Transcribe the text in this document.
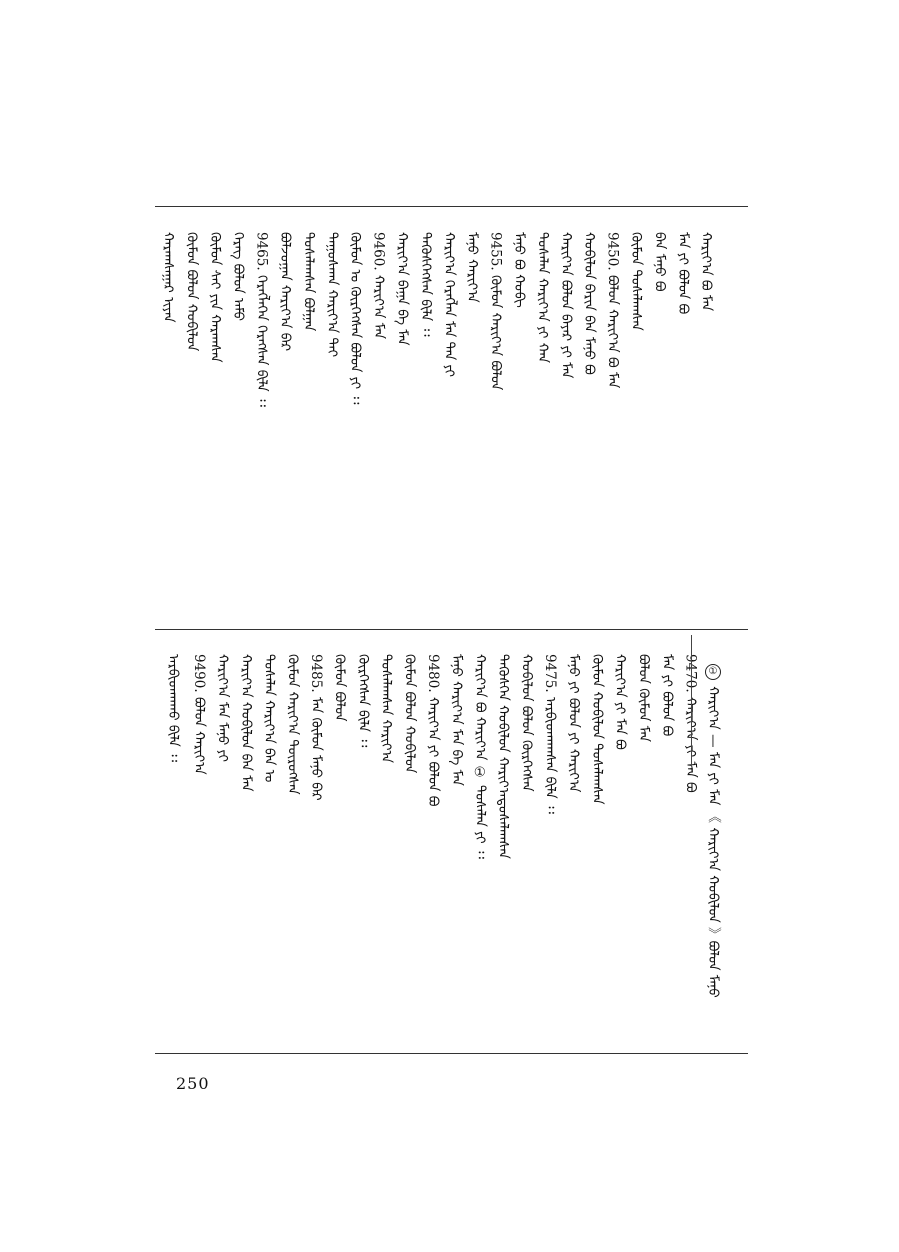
ᠬᠠᠷᠠᠭᠰᠠᠭᠠᠷ ᠢᠶᠡᠨ ᠬᠦᠮᠦᠨ ᠪᠣᠯᠤᠨ ᠬᠤᠪᠢᠯᠤᠨ ᠬᠦᠮᠦᠨ ᠰᠠᠢ ᠶᠢᠨ ᠬᠠᠷᠠᠭᠰᠠᠨ ᠬᠡᠷᠡᠭ ᠪᠣᠯᠤᠨ ᠠᠮᠤ 9465. ᠬᠡᠷᠡᠭᠯᠡᠭᠡᠨ ᠬᠡᠷᠡᠭᠰᠡᠨ ᠪᠢᠯᠡ ᠄᠄ ᠪᠣᠯᠵᠣᠭᠠᠨ ᠬᠠᠷᠢᠶ᠎ᠠ ᠪᠠᠷ ᠲᠤᠰᠠᠯᠠᠭᠰᠠᠨ ᠪᠣᠯᠭᠠᠨ ᠳᠠᠭᠤᠰᠬᠠᠨ ᠬᠠᠷᠢᠶ᠎ᠠ ᠲᠠᠢ ᠬᠦᠮᠦᠨ ᠤ ᠬᠦᠷᠬᠡᠭᠰᠡᠨ ᠪᠣᠯᠤᠨ ᠶᠢ ᠄᠄ 9460. ᠬᠠᠷᠢᠶ᠎ᠠ ᠮᠠᠨ ᠬᠠᠷᠢᠶ᠎ᠠ ᠪᠠᠭᠠ ᠪᠠ ᠮᠠᠨ ᠲᠡᠭᠦᠰᠭᠡᠭᠰᠡᠨ ᠪᠢᠯᠡ ᠄᠄ ᠬᠠᠷᠢᠶ᠎ᠠ ᠬᠡᠷᠡᠭᠯᠡᠨ ᠮᠠᠨ ᠲᠠᠨ ᠶᠢ ᠮᠠᠨᠤ ᠬᠠᠷᠢᠶ᠎ᠠ 9455. ᠬᠦᠮᠦᠨ ᠬᠠᠷᠢᠶ᠎ᠠ ᠪᠣᠯᠤᠨ
ᠮᠠᠨᠤ ᠪᠣ ᠬᠤᠪᠢ ᠲᠤᠰᠠᠯᠠᠨ ᠬᠠᠷᠢᠶ᠎ᠠ ᠶᠢ ᠬᠠᠨ ᠬᠠᠷᠢᠶ᠎ᠠ ᠪᠣᠯᠤᠨ ᠪᠠᠶᠠᠷ ᠶᠢ ᠮᠠᠨ ᠬᠤᠪᠢᠯᠤᠨ ᠪᠠᠷᠢᠨ ᠪᠠᠨ ᠮᠠᠨᠤ ᠪᠣ 9450. ᠪᠣᠯᠤᠨ ᠬᠠᠷᠢᠶ᠎ᠠ ᠪᠣ ᠮᠠᠨ ᠬᠦᠮᠦᠨ ᠲᠤᠰᠠᠯᠠᠭᠰᠠᠨ ᠪᠠᠨ ᠮᠠᠨᠤ ᠪᠣ ᠮᠠᠨ ᠶᠢ ᠪᠣᠯᠤᠨ ᠪᠣ ᠬᠠᠷᠢᠶ᠎ᠠ ᠪᠣ ᠮᠠᠨ
9490. ᠪᠣᠯᠤᠨ ᠬᠠᠷᠢᠶ᠎ᠠ ᠬᠠᠷᠢᠶ᠎ᠠ ᠮᠠᠨ ᠮᠠᠨᠤ ᠶᠢ ᠬᠠᠷᠢᠶ᠎ᠠ ᠬᠤᠪᠢᠯᠤᠨ ᠪᠠᠨ ᠮᠠᠨ ᠲᠤᠰᠠᠯᠠᠨ ᠬᠠᠷᠢᠶ᠎ᠠ ᠪᠠᠨ ᠤ ᠬᠦᠮᠦᠨ ᠬᠠᠷᠢᠶ᠎ᠠ ᠲᠦᠷᠦᠭᠰᠡᠨ 9485. ᠮᠠᠨ ᠬᠦᠮᠦᠨ ᠮᠠᠨᠤ ᠪᠠᠷ
ᠬᠦᠮᠦᠨ ᠪᠣᠯᠤᠨ ᠬᠦᠷᠬᠡᠭᠰᠡᠨ ᠪᠢᠯᠡ ᠄᠄ ᠲᠤᠰᠠᠯᠠᠭᠰᠠᠨ ᠬᠠᠷᠢᠶ᠎ᠠ ᠬᠦᠮᠦᠨ ᠪᠣᠯᠤᠨ ᠬᠤᠪᠢᠯᠤᠨ 9480. ᠬᠠᠷᠢᠶ᠎ᠠ ᠶᠢ ᠪᠣᠯᠤᠨ ᠪᠣ ᠮᠠᠨᠤ ᠬᠠᠷᠢᠶ᠎ᠠ ᠮᠠᠨ ᠪᠠ ᠮᠠᠨ ᠬᠠᠷᠢᠶ᠎ᠠ ᠪᠣ ᠬᠠᠷᠢᠶ᠎ᠠ ① ᠲᠤᠰᠠᠯᠠᠨ ᠶᠢ ᠄᠄ ᠲᠡᠭᠦᠰᠭᠡᠨ ᠬᠤᠪᠢᠯᠤᠨ ᠬᠠᠷᠢᠶ᠎ᠠᠲᠤᠰᠠᠯᠠᠭᠰᠠᠨ ᠬᠤᠪᠢᠯᠤᠨ ᠪᠣᠯᠤᠨ ᠬᠦᠷᠬᠡᠭᠰᠡᠨ 9475. ᠠᠷᠪᠢᠳᠬᠠᠭᠰᠠᠨ ᠪᠢᠯᠡ ᠄᠄ ᠮᠠᠨᠤ ᠶᠢ ᠪᠣᠯᠤᠨ ᠶᠢ ᠬᠠᠷᠢᠶ᠎ᠠ ᠬᠦᠮᠦᠨ ᠬᠤᠪᠢᠯᠤᠨ ᠲᠤᠰᠠᠯᠠᠭᠰᠠᠨ ᠬᠠᠷᠢᠶ᠎ᠠ ᠶᠢ ᠮᠠᠨ ᠪᠣ ᠪᠣᠯᠤᠨ ᠬᠦᠮᠦᠨ ᠮᠠᠨ ᠮᠠᠨ ᠶᠢ ᠪᠣᠯᠤᠨ ᠪᠣ 9470. ᠬᠠᠷᠢᠶ᠎ᠠ ᠶᠢ ᠮᠠᠨ ᠪᠣ
ᠠᠷᠪᠢᠳᠬᠠᠬᠤ ᠪᠢᠯᠡ ᠄᠄	① ᠬᠠᠷᠢᠶ᠎ᠠ — ᠮᠠᠨ ᠶᠢ ᠮᠠᠨ 《 ᠬᠠᠷᠢᠶ᠎ᠠ ᠬᠤᠪᠢᠯᠤᠨ 》ᠪᠣᠯᠤᠨ ᠮᠠᠨᠤ
250
